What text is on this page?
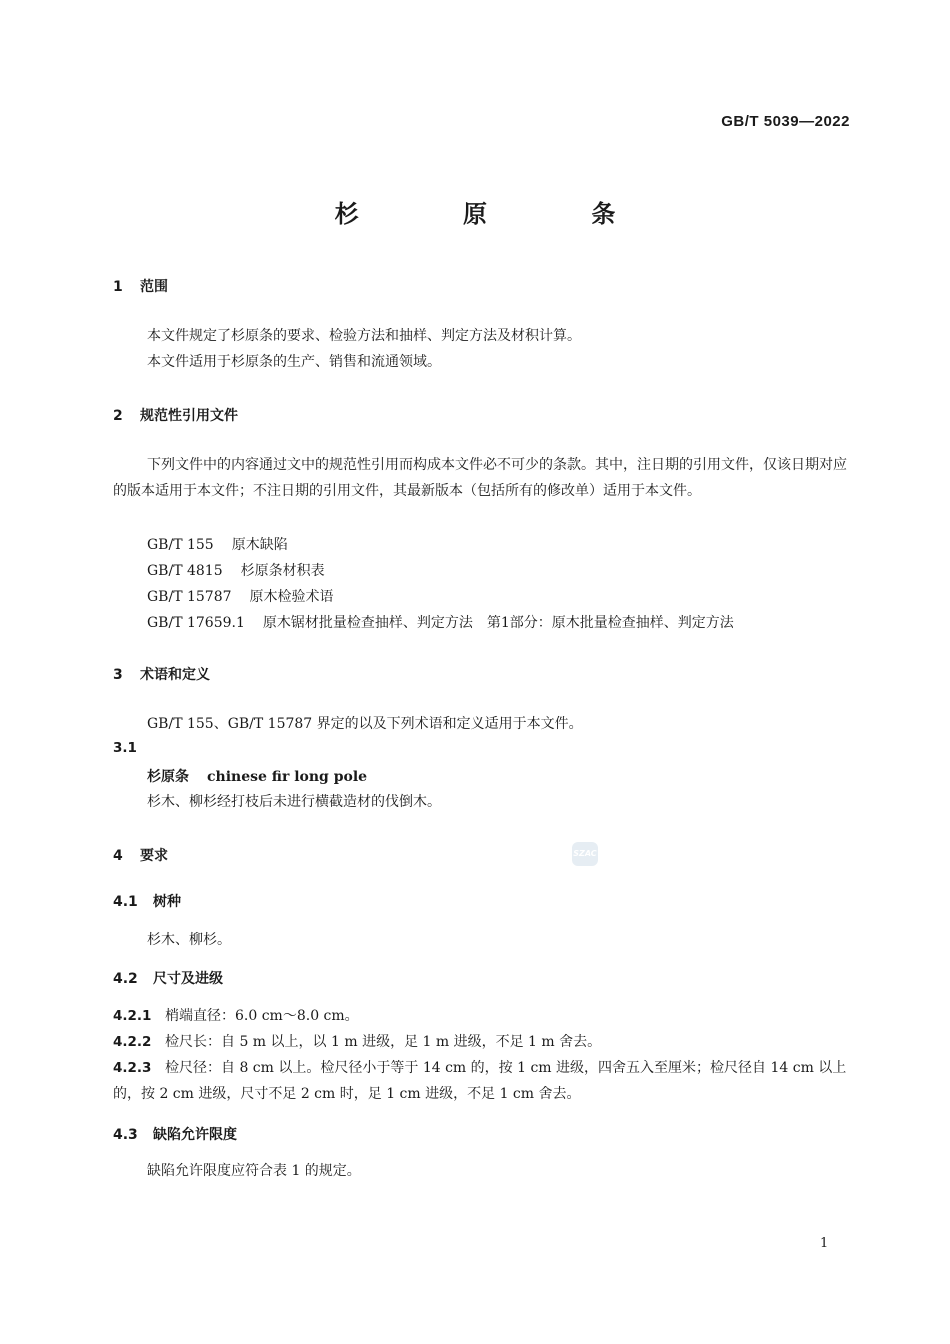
GB/T 5039—2022
杉 原 条
1 范围
本文件规定了杉原条的要求、检验方法和抽样、判定方法及材积计算。
本文件适用于杉原条的生产、销售和流通领域。
2 规范性引用文件
下列文件中的内容通过文中的规范性引用而构成本文件必不可少的条款。其中，注日期的引用文件，仅该日期对应的版本适用于本文件；不注日期的引用文件，其最新版本（包括所有的修改单）适用于本文件。
GB/T 155 原木缺陷
GB/T 4815 杉原条材积表
GB/T 15787 原木检验术语
GB/T 17659.1 原木锯材批量检查抽样、判定方法　第1部分：原木批量检查抽样、判定方法
3 术语和定义
GB/T 155、GB/T 15787 界定的以及下列术语和定义适用于本文件。
3.1
杉原条 chinese fir long pole
杉木、柳杉经打枝后未进行横截造材的伐倒木。
4 要求	SZAC
4.1 树种
杉木、柳杉。
4.2 尺寸及进级
4.2.1 梢端直径：6.0 cm～8.0 cm。
4.2.2 检尺长：自 5 m 以上，以 1 m 进级，足 1 m 进级，不足 1 m 舍去。
4.2.3 检尺径：自 8 cm 以上。检尺径小于等于 14 cm 的，按 1 cm 进级，四舍五入至厘米；检尺径自 14 cm 以上的，按 2 cm 进级，尺寸不足 2 cm 时，足 1 cm 进级，不足 1 cm 舍去。
4.3 缺陷允许限度
缺陷允许限度应符合表 1 的规定。
1
